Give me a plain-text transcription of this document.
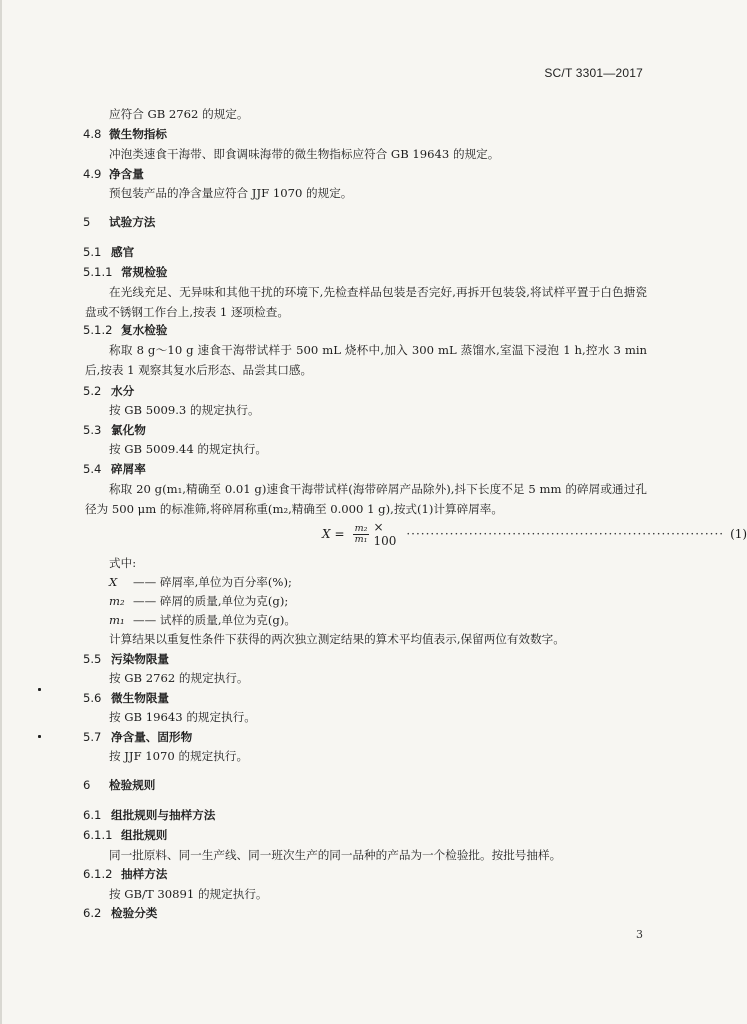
SC/T 3301—2017
应符合 GB 2762 的规定。
4.8 微生物指标
冲泡类速食干海带、即食调味海带的微生物指标应符合 GB 19643 的规定。
4.9 净含量
预包装产品的净含量应符合 JJF 1070 的规定。
5 试验方法
5.1 感官
5.1.1 常规检验
在光线充足、无异味和其他干扰的环境下,先检查样品包装是否完好,再拆开包装袋,将试样平置于白色搪瓷盘或不锈钢工作台上,按表 1 逐项检查。
5.1.2 复水检验
称取 8 g～10 g 速食干海带试样于 500 mL 烧杯中,加入 300 mL 蒸馏水,室温下浸泡 1 h,控水 3 min 后,按表 1 观察其复水后形态、品尝其口感。
5.2 水分
按 GB 5009.3 的规定执行。
5.3 氯化物
按 GB 5009.44 的规定执行。
5.4 碎屑率
称取 20 g(m₁,精确至 0.01 g)速食干海带试样(海带碎屑产品除外),抖下长度不足 5 mm 的碎屑或通过孔径为 500 μm 的标准筛,将碎屑称重(m₂,精确至 0.000 1 g),按式(1)计算碎屑率。
$X = \frac{\text{m₂}}{\text{m₁}} \times 100$ ·································································· (1)
式中:
X —— 碎屑率,单位为百分率(%);
m₂ —— 碎屑的质量,单位为克(g);
m₁ —— 试样的质量,单位为克(g)。
计算结果以重复性条件下获得的两次独立测定结果的算术平均值表示,保留两位有效数字。
5.5 污染物限量
按 GB 2762 的规定执行。
5.6 微生物限量
按 GB 19643 的规定执行。
5.7 净含量、固形物
按 JJF 1070 的规定执行。
6 检验规则
6.1 组批规则与抽样方法
6.1.1 组批规则
同一批原料、同一生产线、同一班次生产的同一品种的产品为一个检验批。按批号抽样。
6.1.2 抽样方法
按 GB/T 30891 的规定执行。
6.2 检验分类
3
